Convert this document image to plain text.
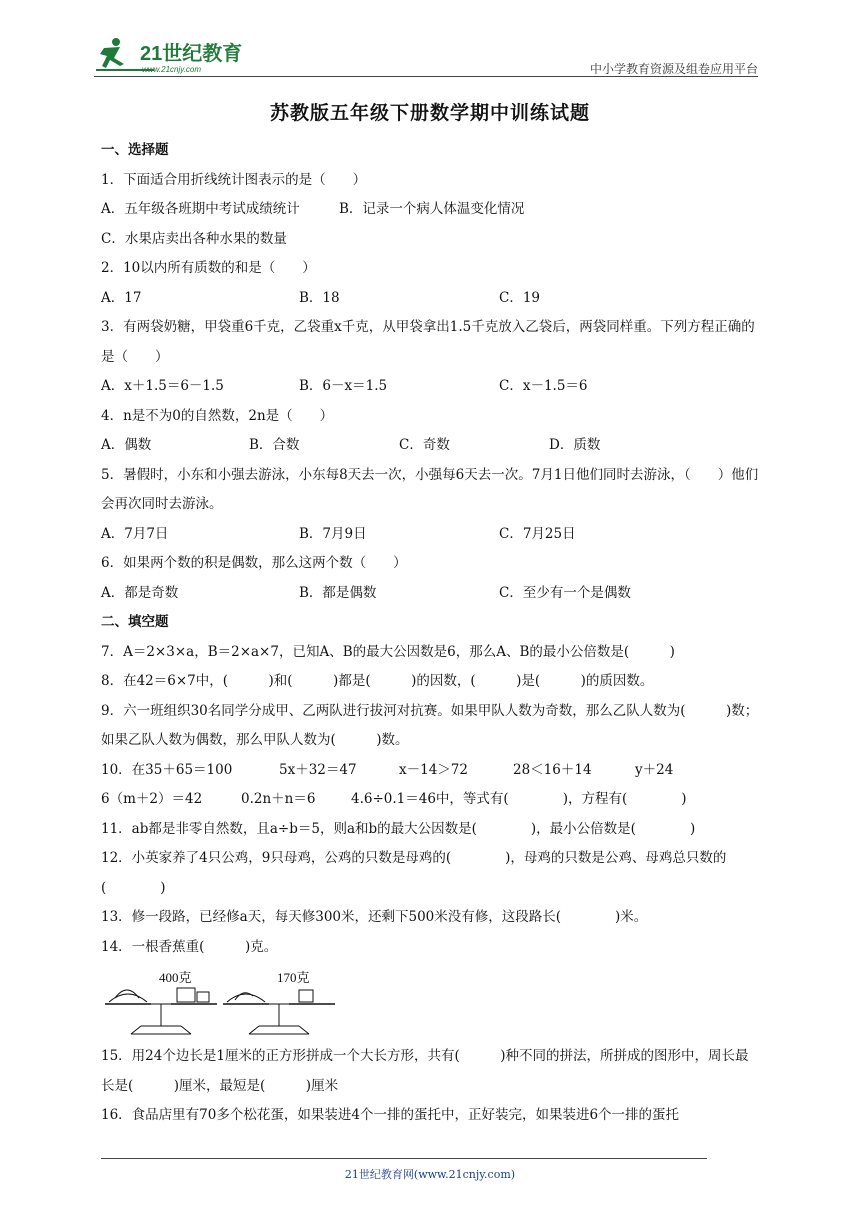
21世纪教育
www.21cnjy.com	中小学教育资源及组卷应用平台
苏教版五年级下册数学期中训练试题
一、选择题
1．下面适合用折线统计图表示的是（　　）
A．五年级各班期中考试成绩统计	B．记录一个病人体温变化情况
C．水果店卖出各种水果的数量
2．10以内所有质数的和是（　　）
A．17	B．18	C．19
3．有两袋奶糖，甲袋重6千克，乙袋重x千克，从甲袋拿出1.5千克放入乙袋后，两袋同样重。下列方程正确的是（　　）
A．x＋1.5＝6－1.5	B．6－x＝1.5	C．x－1.5＝6
4．n是不为0的自然数，2n是（　　）
A．偶数	B．合数	C．奇数	D．质数
5．暑假时，小东和小强去游泳，小东每8天去一次，小强每6天去一次。7月1日他们同时去游泳，（　　）他们会再次同时去游泳。
A．7月7日	B．7月9日	C．7月25日
6．如果两个数的积是偶数，那么这两个数（　　）
A．都是奇数	B．都是偶数	C．至少有一个是偶数
二、填空题
7．A＝2×3×a，B＝2×a×7，已知A、B的最大公因数是6，那么A、B的最小公倍数是(　　　)
8．在42＝6×7中，(　　　)和(　　　)都是(　　　)的因数，(　　　)是(　　　)的质因数。
9．六一班组织30名同学分成甲、乙两队进行拔河对抗赛。如果甲队人数为奇数，那么乙队人数为(　　　)数；如果乙队人数为偶数，那么甲队人数为(　　　)数。
10．在35＋65＝100	5x＋32＝47	x－14＞72	28＜16＋14	y＋24
6（m＋2）＝42	0.2n＋n＝6	4.6÷0.1＝46中，等式有(　　　　)，方程有(　　　　)
11．ab都是非零自然数，且a÷b＝5，则a和b的最大公因数是(　　　　)，最小公倍数是(　　　　)
12．小英家养了4只公鸡，9只母鸡，公鸡的只数是母鸡的(　　　　)，母鸡的只数是公鸡、母鸡总只数的(　　　　)
13．修一段路，已经修a天，每天修300米，还剩下500米没有修，这段路长(　　　　)米。
14．一根香蕉重(　　　)克。
400克	170克
15．用24个边长是1厘米的正方形拼成一个大长方形，共有(　　　)种不同的拼法，所拼成的图形中，周长最长是(　　　)厘米，最短是(　　　)厘米
16．食品店里有70多个松花蛋，如果装进4个一排的蛋托中，正好装完，如果装进6个一排的蛋托
21世纪教育网(www.21cnjy.com)
